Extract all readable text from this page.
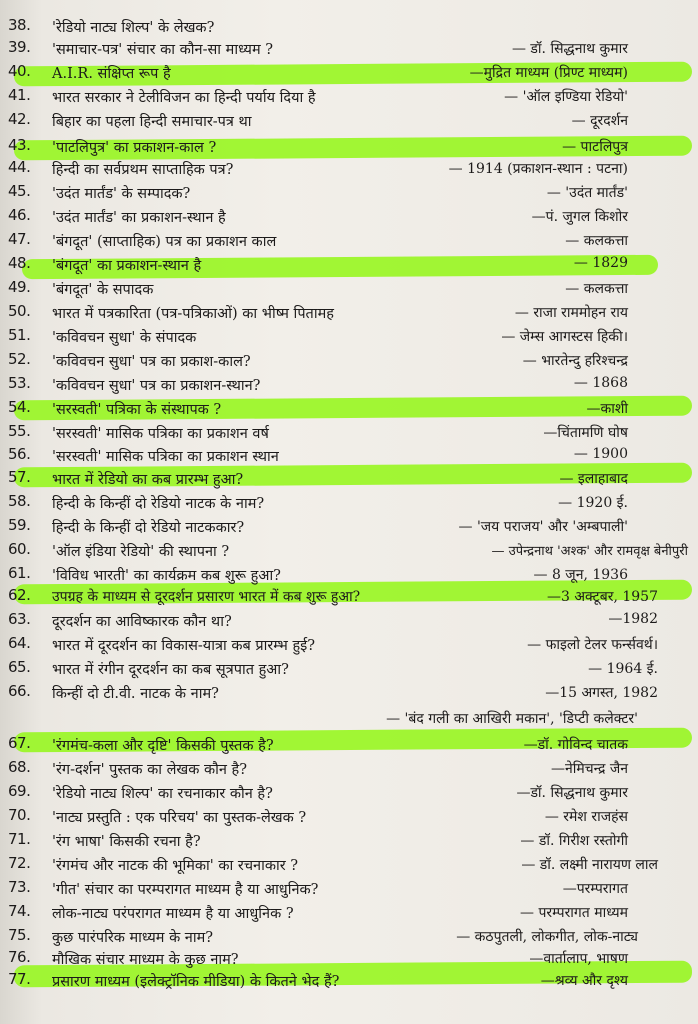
38.	'रेडियो नाट्य शिल्प' के लेखक?
39.	'समाचार-पत्र' संचार का कौन-सा माध्यम ?	— डॉ. सिद्धनाथ कुमार
40.	A.I.R. संक्षिप्त रूप है	—मुद्रित माध्यम (प्रिण्ट माध्यम)
41.	भारत सरकार ने टेलीविजन का हिन्दी पर्याय दिया है	— 'ऑल इण्डिया रेडियो'
42.	बिहार का पहला हिन्दी समाचार-पत्र था	— दूरदर्शन
43.	'पाटलिपुत्र' का प्रकाशन-काल ?	— पाटलिपुत्र
44.	हिन्दी का सर्वप्रथम साप्ताहिक पत्र?	— 1914 (प्रकाशन-स्थान : पटना)
45.	'उदंत मार्तंड' के सम्पादक?	— 'उदंत मार्तंड'
46.	'उदंत मार्तंड' का प्रकाशन-स्थान है	—पं. जुगल किशोर
47.	'बंगदूत' (साप्ताहिक) पत्र का प्रकाशन काल	— कलकत्ता
48.	'बंगदूत' का प्रकाशन-स्थान है	— 1829
49.	'बंगदूत' के सपादक	— कलकत्ता
50.	भारत में पत्रकारिता (पत्र-पत्रिकाओं) का भीष्म पितामह	— राजा राममोहन राय
51.	'कविवचन सुधा' के संपादक	— जेम्स आगस्टस हिकी।
52.	'कविवचन सुधा' पत्र का प्रकाश-काल?	— भारतेन्दु हरिश्चन्द्र
53.	'कविवचन सुधा' पत्र का प्रकाशन-स्थान?	— 1868
54.	'सरस्वती' पत्रिका के संस्थापक ?	—काशी
55.	'सरस्वती' मासिक पत्रिका का प्रकाशन वर्ष	—चिंतामणि घोष
56.	'सरस्वती' मासिक पत्रिका का प्रकाशन स्थान	— 1900
57.	भारत में रेडियो का कब प्रारम्भ हुआ?	— इलाहाबाद
58.	हिन्दी के किन्हीं दो रेडियो नाटक के नाम?	— 1920 ई.
59.	हिन्दी के किन्हीं दो रेडियो नाटककार?	— 'जय पराजय' और 'अम्बपाली'
60.	'ऑल इंडिया रेडियो' की स्थापना ?	— उपेन्द्रनाथ 'अश्क' और रामवृक्ष बेनीपुरी
61.	'विविध भारती' का कार्यक्रम कब शुरू हुआ?	— 8 जून, 1936
62.	उपग्रह के माध्यम से दूरदर्शन प्रसारण भारत में कब शुरू हुआ?	—3 अक्टूबर, 1957
63.	दूरदर्शन का आविष्कारक कौन था?	—1982
64.	भारत में दूरदर्शन का विकास-यात्रा कब प्रारम्भ हुई?	— फाइलो टेलर फर्न्सवर्थ।
65.	भारत में रंगीन दूरदर्शन का कब सूत्रपात हुआ?	— 1964 ई.
66.	किन्हीं दो टी.वी. नाटक के नाम?	—15 अगस्त, 1982
— 'बंद गली का आखिरी मकान', 'डिप्टी कलेक्टर'
67.	'रंगमंच-कला और दृष्टि' किसकी पुस्तक है?	—डॉ. गोविन्द चातक
68.	'रंग-दर्शन' पुस्तक का लेखक कौन है?	—नेमिचन्द्र जैन
69.	'रेडियो नाट्य शिल्प' का रचनाकार कौन है?	—डॉ. सिद्धनाथ कुमार
70.	'नाट्य प्रस्तुति : एक परिचय' का पुस्तक-लेखक ?	— रमेश राजहंस
71.	'रंग भाषा' किसकी रचना है?	— डॉ. गिरीश रस्तोगी
72.	'रंगमंच और नाटक की भूमिका' का रचनाकार ?	— डॉ. लक्ष्मी नारायण लाल
73.	'गीत' संचार का परम्परागत माध्यम है या आधुनिक?	—परम्परागत
74.	लोक-नाट्य परंपरागत माध्यम है या आधुनिक ?	— परम्परागत माध्यम
75.	कुछ पारंपरिक माध्यम के नाम?	— कठपुतली, लोकगीत, लोक-नाट्य
76.	मौखिक संचार माध्यम के कुछ नाम?	—वार्तालाप, भाषण
77.	प्रसारण माध्यम (इलेक्ट्रॉनिक मीडिया) के कितने भेद हैं?	—श्रव्य और दृश्य
